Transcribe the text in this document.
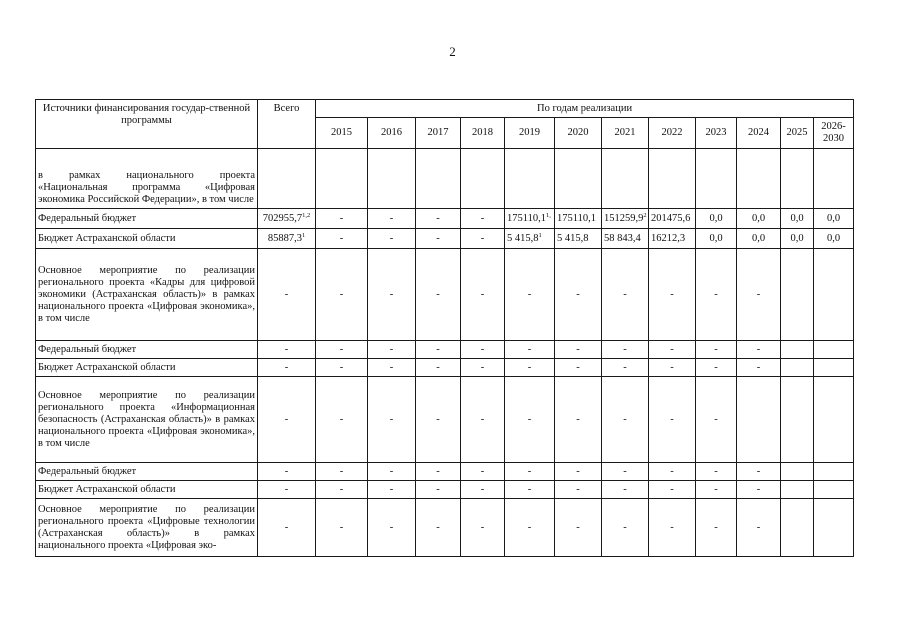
2
Источники финансирования государ-ственной программы	Всего	По годам реализации											
		2015	2016	2017	2018	2019	2020	2021	2022	2023	2024	2025	2026-2030
в рамках национального проекта «Национальная программа «Цифровая экономика Российской Федерации», в том числе													
Федеральный бюджет	702955,7$^{1,2}$	-	-	-	-	$175110,1^{1,}$	175110,1	151259,9$^2$	201475,6	0,0	0,0	0,0	0,0
Бюджет Астраханской области	85887,3$^1$	-	-	-	-	5 415,8$^1$	5 415,8	58 843,4	16212,3	0,0	0,0	0,0	0,0
Основное мероприятие по реализации регионального проекта «Кадры для цифровой экономики (Астраханская область)» в рамках национального проекта «Цифровая экономика», в том числе	-	-	-	-	-	-	-	-	-	-	-		
Федеральный бюджет	-	-	-	-	-	-	-	-	-	-	-		
Бюджет Астраханской области	-	-	-	-	-	-	-	-	-	-	-		
Основное мероприятие по реализации регионального проекта «Информационная безопасность (Астраханская область)» в рамках национального проекта «Цифровая экономика», в том числе	-	-	-	-	-	-	-	-	-	-			
Федеральный бюджет	-	-	-	-	-	-	-	-	-	-	-		
Бюджет Астраханской области	-	-	-	-	-	-	-	-	-	-	-		
Основное мероприятие по реализации регионального проекта «Цифровые технологии (Астраханская область)» в рамках национального проекта «Цифровая эко-	-	-	-	-	-	-	-	-	-	-	-		
